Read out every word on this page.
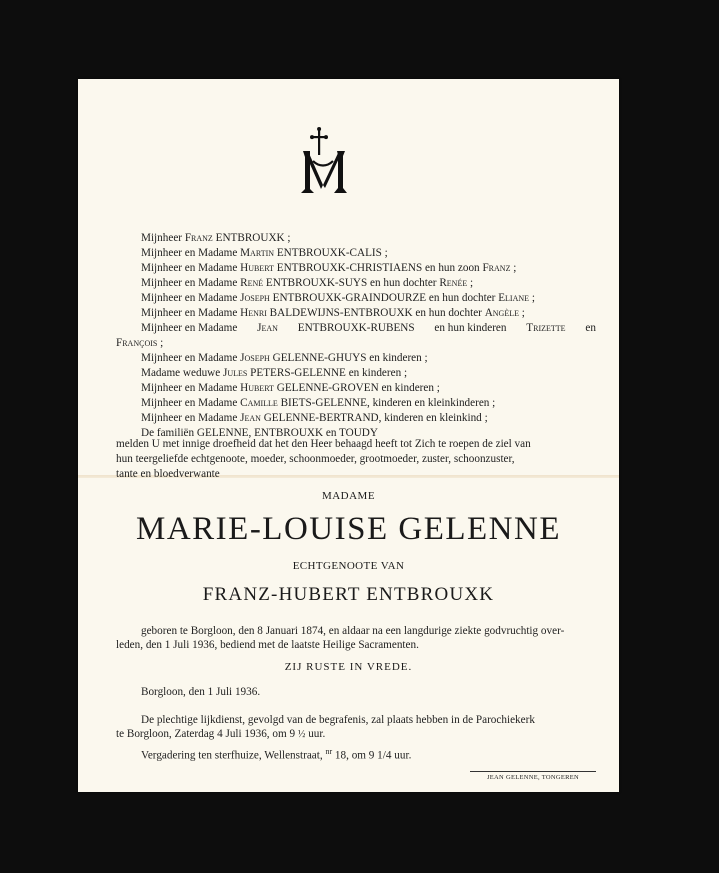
Mijnheer Franz ENTBROUXK ;
Mijnheer en Madame Martin ENTBROUXK-CALIS ;
Mijnheer en Madame Hubert ENTBROUXK-CHRISTIAENS en hun zoon Franz ;
Mijnheer en Madame René ENTBROUXK-SUYS en hun dochter Renée ;
Mijnheer en Madame Joseph ENTBROUXK-GRAINDOURZE en hun dochter Eliane ;
Mijnheer en Madame Henri BALDEWIJNS-ENTBROUXK en hun dochter Angèle ;
Mijnheer en Madame Jean ENTBROUXK-RUBENS en hun kinderen Trizette en
François ;
Mijnheer en Madame Joseph GELENNE-GHUYS en kinderen ;
Madame weduwe Jules PETERS-GELENNE en kinderen ;
Mijnheer en Madame Hubert GELENNE-GROVEN en kinderen ;
Mijnheer en Madame Camille BIETS-GELENNE, kinderen en kleinkinderen ;
Mijnheer en Madame Jean GELENNE-BERTRAND, kinderen en kleinkind ;
De familiën GELENNE, ENTBROUXK en TOUDY
melden U met innige droefheid dat het den Heer behaagd heeft tot Zich te roepen de ziel van
hun teergeliefde echtgenoote, moeder, schoonmoeder, grootmoeder, zuster, schoonzuster,
tante en bloedverwante
MADAME
MARIE-LOUISE GELENNE
ECHTGENOOTE VAN
FRANZ-HUBERT ENTBROUXK
geboren te Borgloon, den 8 Januari 1874, en aldaar na een langdurige ziekte godvruchtig over-
leden, den 1 Juli 1936, bediend met de laatste Heilige Sacramenten.
ZIJ RUSTE IN VREDE.
Borgloon, den 1 Juli 1936.
De plechtige lijkdienst, gevolgd van de begrafenis, zal plaats hebben in de Parochiekerk
te Borgloon, Zaterdag 4 Juli 1936, om 9 ½ uur.
Vergadering ten sterfhuize, Wellenstraat, $^{nr}$ 18, om 9 1/4 uur.
JEAN GELENNE, TONGEREN
